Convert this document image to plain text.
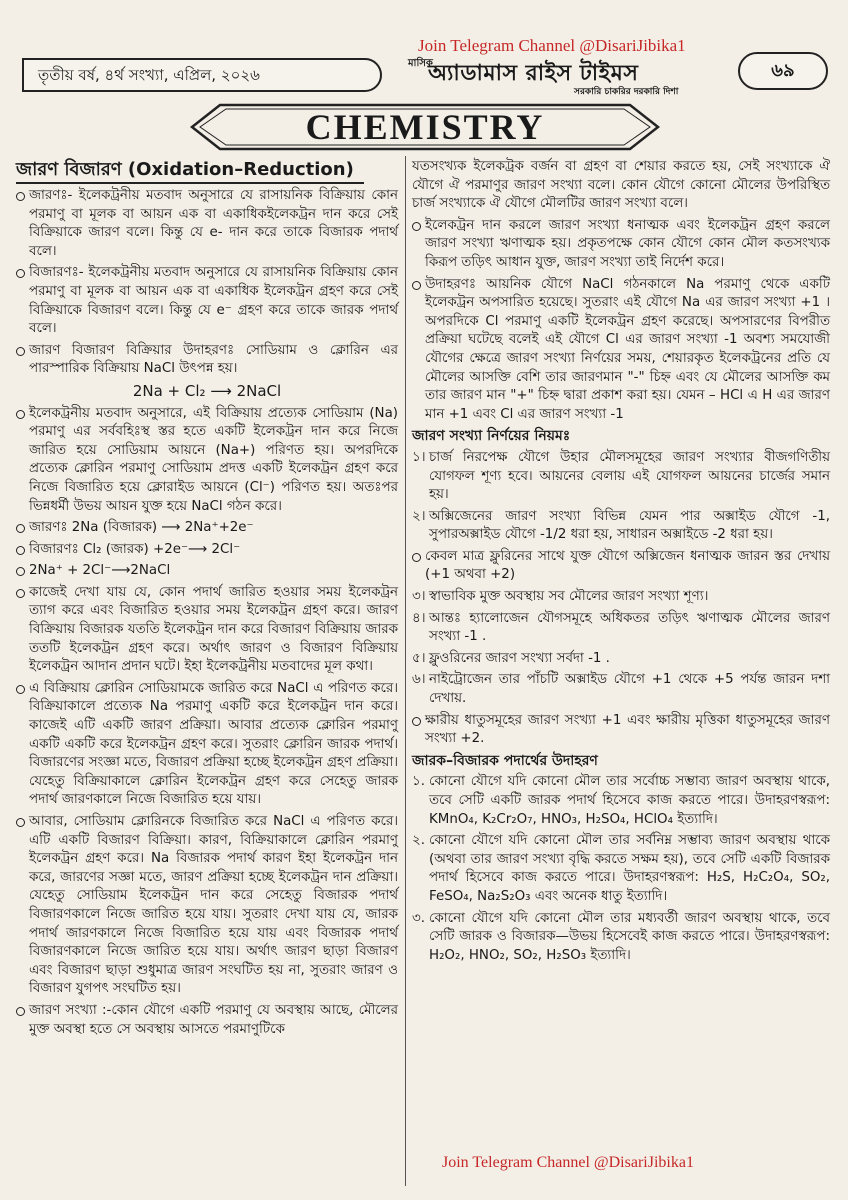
তৃতীয় বর্ষ, ৪র্থ সংখ্যা, এপ্রিল, ২০২৬
Join Telegram Channel @DisariJibika1
মাসিক
অ্যাডামাস রাইস টাইমস
সরকারি চাকরির দরকারি দিশা
৬৯
CHEMISTRY
জারণ বিজারণ (Oxidation–Reduction)
জারণঃ- ইলেকট্রনীয় মতবাদ অনুসারে যে রাসায়নিক বিক্রিয়ায় কোন পরমাণু বা মূলক বা আয়ন এক বা একাধিকইলেকট্রন দান করে সেই বিক্রিয়াকে জারণ বলে। কিন্তু যে e- দান করে তাকে বিজারক পদার্থ বলে।
বিজারণঃ- ইলেকট্রনীয় মতবাদ অনুসারে যে রাসায়নিক বিক্রিয়ায় কোন পরমাণু বা মূলক বা আয়ন এক বা একাধিক ইলেকট্রন গ্রহণ করে সেই বিক্রিয়াকে বিজারণ বলে। কিন্তু যে e⁻ গ্রহণ করে তাকে জারক পদার্থ বলে।
জারণ বিজারণ বিক্রিয়ার উদাহরণঃ সোডিয়াম ও ক্লোরিন এর পারস্পারিক বিক্রিয়ায় NaCl উৎপন্ন হয়।
2Na + Cl₂ ⟶ 2NaCl
ইলেকট্রনীয় মতবাদ অনুসারে, এই বিক্রিয়ায় প্রত্যেক সোডিয়াম (Na) পরমাণু এর সর্ববহিঃস্থ স্তর হতে একটি ইলেকট্রন দান করে নিজে জারিত হয়ে সোডিয়াম আয়নে (Na+) পরিণত হয়। অপরদিকে প্রত্যেক ক্লোরিন পরমাণু সোডিয়াম প্রদত্ত একটি ইলেকট্রন গ্রহণ করে নিজে বিজারিত হয়ে ক্লোরাইড আয়নে (Cl⁻) পরিণত হয়। অতঃপর ভিন্নধর্মী উভয় আয়ন যুক্ত হয়ে NaCl গঠন করে।
জারণঃ 2Na (বিজারক) ⟶ 2Na⁺+2e⁻
বিজারণঃ Cl₂ (জারক) +2e⁻⟶ 2Cl⁻
2Na⁺ + 2Cl⁻⟶2NaCl
কাজেই দেখা যায় যে, কোন পদার্থ জারিত হওয়ার সময় ইলেকট্রন ত্যাগ করে এবং বিজারিত হওয়ার সময় ইলেকট্রন গ্রহণ করে। জারণ বিক্রিয়ায় বিজারক যততি ইলেকট্রন দান করে বিজারণ বিক্রিয়ায় জারক ততটি ইলেকট্রন গ্রহণ করে। অর্থাৎ জারণ ও বিজারণ বিক্রিয়ায় ইলেকট্রন আদান প্রদান ঘটে। ইহা ইলেকট্রনীয় মতবাদের মূল কথা।
এ বিক্রিয়ায় ক্লোরিন সোডিয়ামকে জারিত করে NaCl এ পরিণত করে। বিক্রিয়াকালে প্রত্যেক Na পরমাণু একটি করে ইলেকট্রন দান করে। কাজেই এটি একটি জারণ প্রক্রিয়া। আবার প্রত্যেক ক্লোরিন পরমাণু একটি একটি করে ইলেকট্রন গ্রহণ করে। সুতরাং ক্লোরিন জারক পদার্থ। বিজারণের সংজ্ঞা মতে, বিজারণ প্রক্রিয়া হচ্ছে ইলেকট্রন গ্রহণ প্রক্রিয়া। যেহেতু বিক্রিয়াকালে ক্লোরিন ইলেকট্রন গ্রহণ করে সেহেতু জারক পদার্থ জারণকালে নিজে বিজারিত হয়ে যায়।
আবার, সোডিয়াম ক্লোরিনকে বিজারিত করে NaCl এ পরিণত করে। এটি একটি বিজারণ বিক্রিয়া। কারণ, বিক্রিয়াকালে ক্লোরিন পরমাণু ইলেকট্রন গ্রহণ করে। Na বিজারক পদার্থ কারণ ইহা ইলেকট্রন দান করে, জারণের সজ্ঞা মতে, জারণ প্রক্রিয়া হচ্ছে ইলেকট্রন দান প্রক্রিয়া। যেহেতু সোডিয়াম ইলেকট্রন দান করে সেহেতু বিজারক পদার্থ বিজারণকালে নিজে জারিত হয়ে যায়। সুতরাং দেখা যায় যে, জারক পদার্থ জারণকালে নিজে বিজারিত হয়ে যায় এবং বিজারক পদার্থ বিজারণকালে নিজে জারিত হয়ে যায়। অর্থাৎ জারণ ছাড়া বিজারণ এবং বিজারণ ছাড়া শুধুমাত্র জারণ সংঘটিত হয় না, সুতরাং জারণ ও বিজারণ যুগপৎ সংঘটিত হয়।
জারণ সংখ্যা :-কোন যৌগে একটি পরমাণু যে অবস্থায় আছে, মৌলের মুক্ত অবস্থা হতে সে অবস্থায় আসতে পরমাণুটিকে
যতসংখ্যক ইলেকট্রক বর্জন বা গ্রহণ বা শেয়ার করতে হয়, সেই সংখ্যাকে ঐ যৌগে ঐ পরমাণুর জারণ সংখ্যা বলে। কোন যৌগে কোনো মৌলের উপরিস্থিত চার্জ সংখ্যাকে ঐ যৌগে মৌলটির জারণ সংখ্যা বলে।
ইলেকট্রন দান করলে জারণ সংখ্যা ধনাত্মক এবং ইলেকট্রন গ্রহণ করলে জারণ সংখ্যা ঋণাত্মক হয়। প্রকৃতপক্ষে কোন যৌগে কোন মৌল কতসংখ্যক কিরূপ তড়িৎ আধান যুক্ত, জারণ সংখ্যা তাই নির্দেশ করে।
উদাহরণঃ আয়নিক যৌগে NaCl গঠনকালে Na পরমাণু থেকে একটি ইলেকট্রন অপসারিত হয়েছে। সুতরাং এই যৌগে Na এর জারণ সংখ্যা +1 । অপরদিকে Cl পরমাণু একটি ইলেকট্রন গ্রহণ করেছে। অপসারণের বিপরীত প্রক্রিয়া ঘটেছে বলেই এই যৌগে Cl এর জারণ সংখ্যা -1 অবশ্য সমযোজী যৌগের ক্ষেত্রে জারণ সংখ্যা নির্ণয়ের সময়, শেয়ারকৃত ইলেকট্রনের প্রতি যে মৌলের আসক্তি বেশি তার জারণমান "-" চিহ্ন এবং যে মৌলের আসক্তি কম তার জারণ মান "+" চিহ্ন দ্বারা প্রকাশ করা হয়। যেমন – HCl এ H এর জারণ মান +1 এবং Cl এর জারণ সংখ্যা -1
জারণ সংখ্যা নির্ণয়ের নিয়মঃ
১। চার্জ নিরপেক্ষ যৌগে উহার মৌলসমূহের জারণ সংখ্যার বীজগণিতীয় যোগফল শূণ্য হবে। আয়নের বেলায় এই যোগফল আয়নের চার্জের সমান হয়।
২। অক্সিজেনের জারণ সংখ্যা বিভিন্ন যেমন পার অক্সাইড যৌগে -1, সুপারঅক্সাইড যৌগে -1/2 ধরা হয়, সাধারন অক্সাইডে -2 ধরা হয়।
কেবল মাত্র ফ্লুরিনের সাথে যুক্ত যৌগে অক্সিজেন ধনাত্মক জারন স্তর দেখায় (+1 অথবা +2)
৩। স্বাভাবিক মুক্ত অবস্থায় সব মৌলের জারণ সংখ্যা শূণ্য।
৪। আন্তঃ হ্যালোজেন যৌগসমূহে অধিকতর তড়িৎ ঋণাত্মক মৌলের জারণ সংখ্যা -1 .
৫। ফ্লুওরিনের জারণ সংখ্যা সর্বদা -1 .
৬। নাইট্রোজেন তার পাঁচটি অক্সাইড যৌগে +1 থেকে +5 পর্যন্ত জারন দশা দেখায়.
ক্ষারীয় ধাতুসমূহের জারণ সংখ্যা +1 এবং ক্ষারীয় মৃত্তিকা ধাতুসমূহের জারণ সংখ্যা +2.
জারক–বিজারক পদার্থের উদাহরণ
১. কোনো যৌগে যদি কোনো মৌল তার সর্বোচ্চ সম্ভাব্য জারণ অবস্থায় থাকে, তবে সেটি একটি জারক পদার্থ হিসেবে কাজ করতে পারে। উদাহরণস্বরূপ: KMnO₄, K₂Cr₂O₇, HNO₃, H₂SO₄, HClO₄ ইত্যাদি।
২. কোনো যৌগে যদি কোনো মৌল তার সর্বনিম্ন সম্ভাব্য জারণ অবস্থায় থাকে (অথবা তার জারণ সংখ্যা বৃদ্ধি করতে সক্ষম হয়), তবে সেটি একটি বিজারক পদার্থ হিসেবে কাজ করতে পারে। উদাহরণস্বরূপ: H₂S, H₂C₂O₄, SO₂, FeSO₄, Na₂S₂O₃ এবং অনেক ধাতু ইত্যাদি।
৩. কোনো যৌগে যদি কোনো মৌল তার মধ্যবর্তী জারণ অবস্থায় থাকে, তবে সেটি জারক ও বিজারক—উভয় হিসেবেই কাজ করতে পারে। উদাহরণস্বরূপ: H₂O₂, HNO₂, SO₂, H₂SO₃ ইত্যাদি।
Join Telegram Channel @DisariJibika1
